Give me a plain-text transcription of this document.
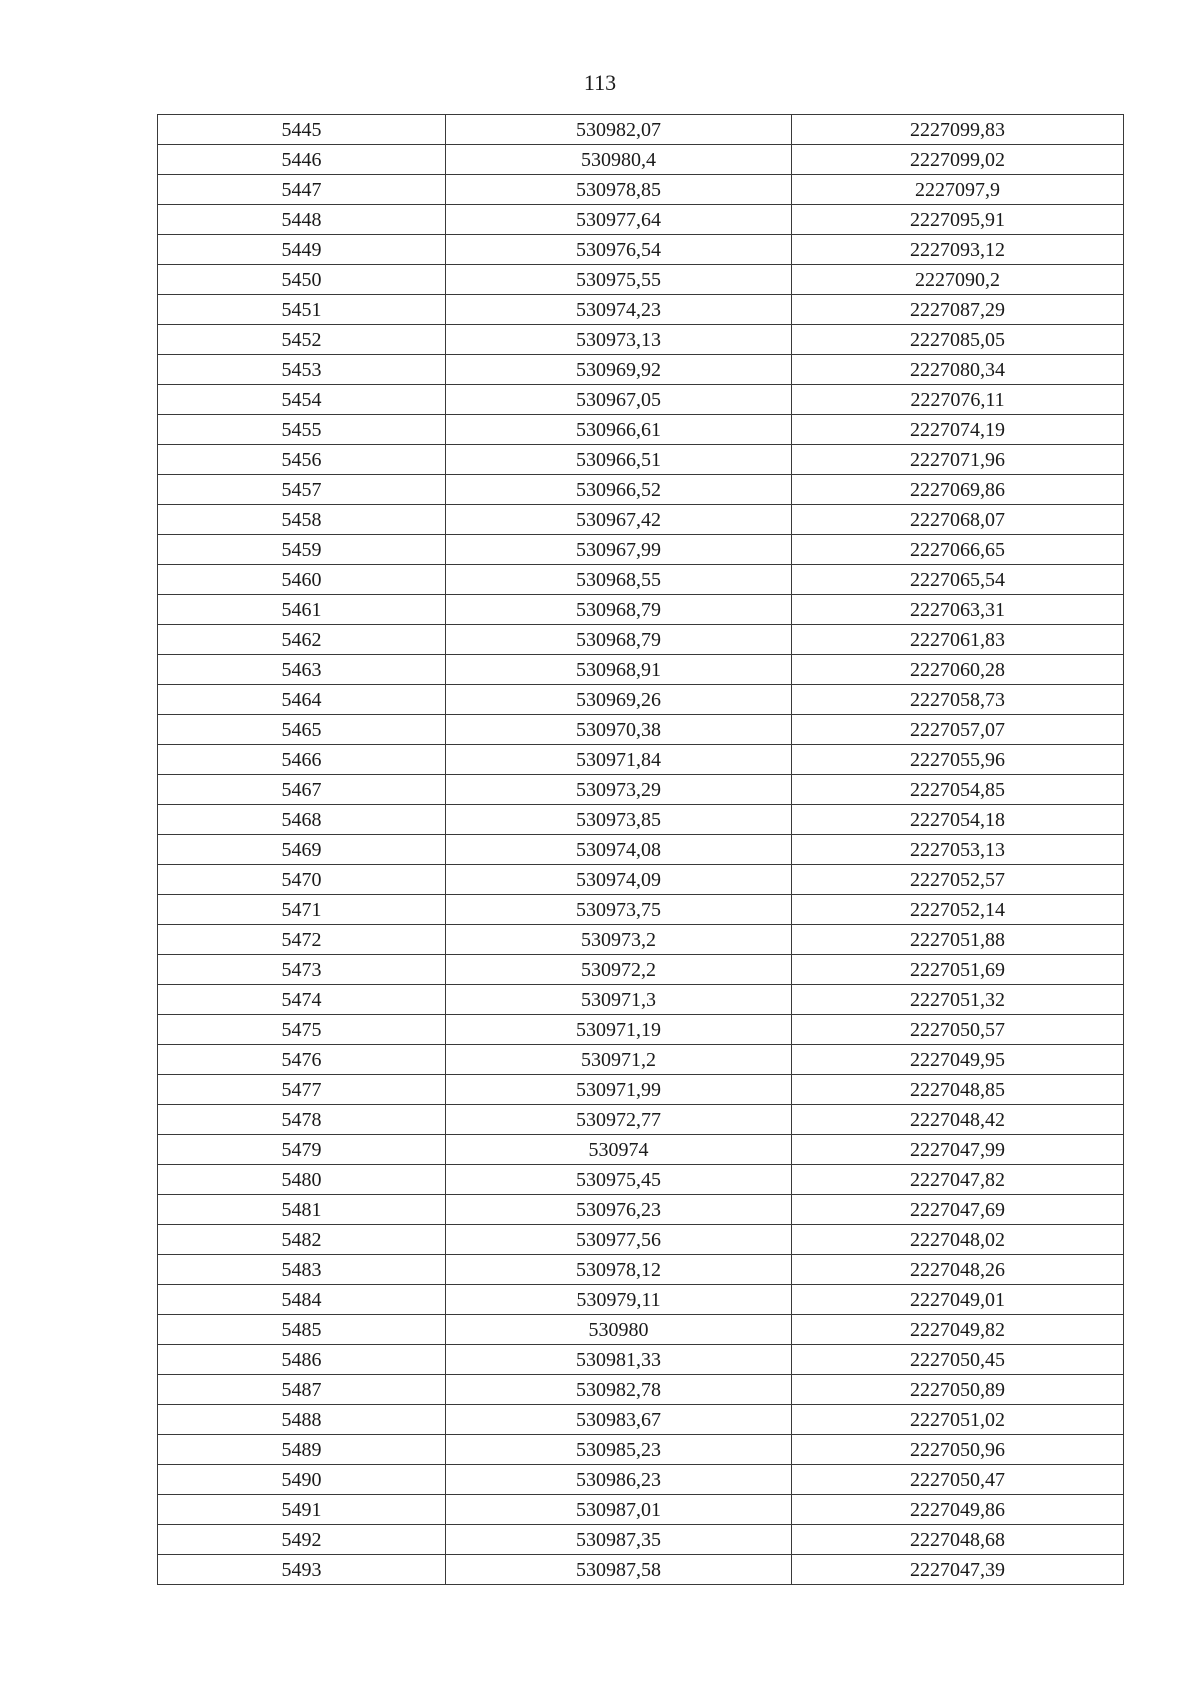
113
5445	530982,07	2227099,83
5446	530980,4	2227099,02
5447	530978,85	2227097,9
5448	530977,64	2227095,91
5449	530976,54	2227093,12
5450	530975,55	2227090,2
5451	530974,23	2227087,29
5452	530973,13	2227085,05
5453	530969,92	2227080,34
5454	530967,05	2227076,11
5455	530966,61	2227074,19
5456	530966,51	2227071,96
5457	530966,52	2227069,86
5458	530967,42	2227068,07
5459	530967,99	2227066,65
5460	530968,55	2227065,54
5461	530968,79	2227063,31
5462	530968,79	2227061,83
5463	530968,91	2227060,28
5464	530969,26	2227058,73
5465	530970,38	2227057,07
5466	530971,84	2227055,96
5467	530973,29	2227054,85
5468	530973,85	2227054,18
5469	530974,08	2227053,13
5470	530974,09	2227052,57
5471	530973,75	2227052,14
5472	530973,2	2227051,88
5473	530972,2	2227051,69
5474	530971,3	2227051,32
5475	530971,19	2227050,57
5476	530971,2	2227049,95
5477	530971,99	2227048,85
5478	530972,77	2227048,42
5479	530974	2227047,99
5480	530975,45	2227047,82
5481	530976,23	2227047,69
5482	530977,56	2227048,02
5483	530978,12	2227048,26
5484	530979,11	2227049,01
5485	530980	2227049,82
5486	530981,33	2227050,45
5487	530982,78	2227050,89
5488	530983,67	2227051,02
5489	530985,23	2227050,96
5490	530986,23	2227050,47
5491	530987,01	2227049,86
5492	530987,35	2227048,68
5493	530987,58	2227047,39
